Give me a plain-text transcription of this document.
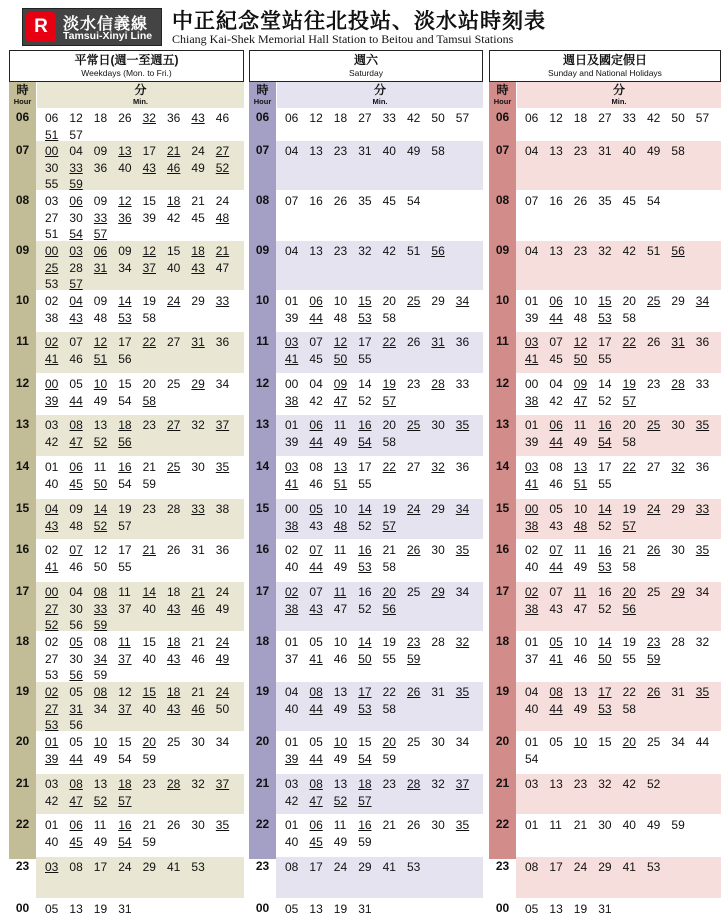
R 淡水信義線
Tamsui-Xinyi Line
中正紀念堂站往北投站、淡水站時刻表
Chiang Kai-Shek Memorial Hall Station to Beitou and Tamsui Stations
平常日(週一至週五)
Weekdays (Mon. to Fri.)
時
Hour
分
Min.
06	06 12 18 26 32 36 43 46
51 57
07	00 04 09 13 17 21 24 27
30 33 36 40 43 46 49 52
55 59
08	03 06 09 12 15 18 21 24
27 30 33 36 39 42 45 48
51 54 57
09	00 03 06 09 12 15 18 21
25 28 31 34 37 40 43 47
53 57
10	02 04 09 14 19 24 29 33
38 43 48 53 58
11	02 07 12 17 22 27 31 36
41 46 51 56
12	00 05 10 15 20 25 29 34
39 44 49 54 58
13	03 08 13 18 23 27 32 37
42 47 52 56
14	01 06 11 16 21 25 30 35
40 45 50 54 59
15	04 09 14 19 23 28 33 38
43 48 52 57
16	02 07 12 17 21 26 31 36
41 46 50 55
17	00 04 08 11 14 18 21 24
27 30 33 37 40 43 46 49
52 56 59
18	02 05 08 11 15 18 21 24
27 30 34 37 40 43 46 49
53 56 59
19	02 05 08 12 15 18 21 24
27 31 34 37 40 43 46 50
53 56
20	01 05 10 15 20 25 30 34
39 44 49 54 59
21	03 08 13 18 23 28 32 37
42 47 52 57
22	01 06 11 16 21 26 30 35
40 45 49 54 59
23	03 08 17 24 29 41 53
00	05 13 19 31
週六
Saturday
時
Hour
分
Min.
06	06 12 18 27 33 42 50 57
07	04 13 23 31 40 49 58
08	07 16 26 35 45 54
09	04 13 23 32 42 51 56
10	01 06 10 15 20 25 29 34
39 44 48 53 58
11	03 07 12 17 22 26 31 36
41 45 50 55
12	00 04 09 14 19 23 28 33
38 42 47 52 57
13	01 06 11 16 20 25 30 35
39 44 49 54 58
14	03 08 13 17 22 27 32 36
41 46 51 55
15	00 05 10 14 19 24 29 34
38 43 48 52 57
16	02 07 11 16 21 26 30 35
40 44 49 53 58
17	02 07 11 16 20 25 29 34
38 43 47 52 56
18	01 05 10 14 19 23 28 32
37 41 46 50 55 59
19	04 08 13 17 22 26 31 35
40 44 49 53 58
20	01 05 10 15 20 25 30 34
39 44 49 54 59
21	03 08 13 18 23 28 32 37
42 47 52 57
22	01 06 11 16 21 26 30 35
40 45 49 59
23	08 17 24 29 41 53
00	05 13 19 31
週日及國定假日
Sunday and National Holidays
時
Hour
分
Min.
06	06 12 18 27 33 42 50 57
07	04 13 23 31 40 49 58
08	07 16 26 35 45 54
09	04 13 23 32 42 51 56
10	01 06 10 15 20 25 29 34
39 44 48 53 58
11	03 07 12 17 22 26 31 36
41 45 50 55
12	00 04 09 14 19 23 28 33
38 42 47 52 57
13	01 06 11 16 20 25 30 35
39 44 49 54 58
14	03 08 13 17 22 27 32 36
41 46 51 55
15	00 05 10 14 19 24 29 33
38 43 48 52 57
16	02 07 11 16 21 26 30 35
40 44 49 53 58
17	02 07 11 16 20 25 29 34
38 43 47 52 56
18	01 05 10 14 19 23 28 32
37 41 46 50 55 59
19	04 08 13 17 22 26 31 35
40 44 49 53 58
20	01 05 10 15 20 25 34 44
54
21	03 13 23 32 42 52
22	01 11 21 30 40 49 59
23	08 17 24 29 41 53
00	05 13 19 31
